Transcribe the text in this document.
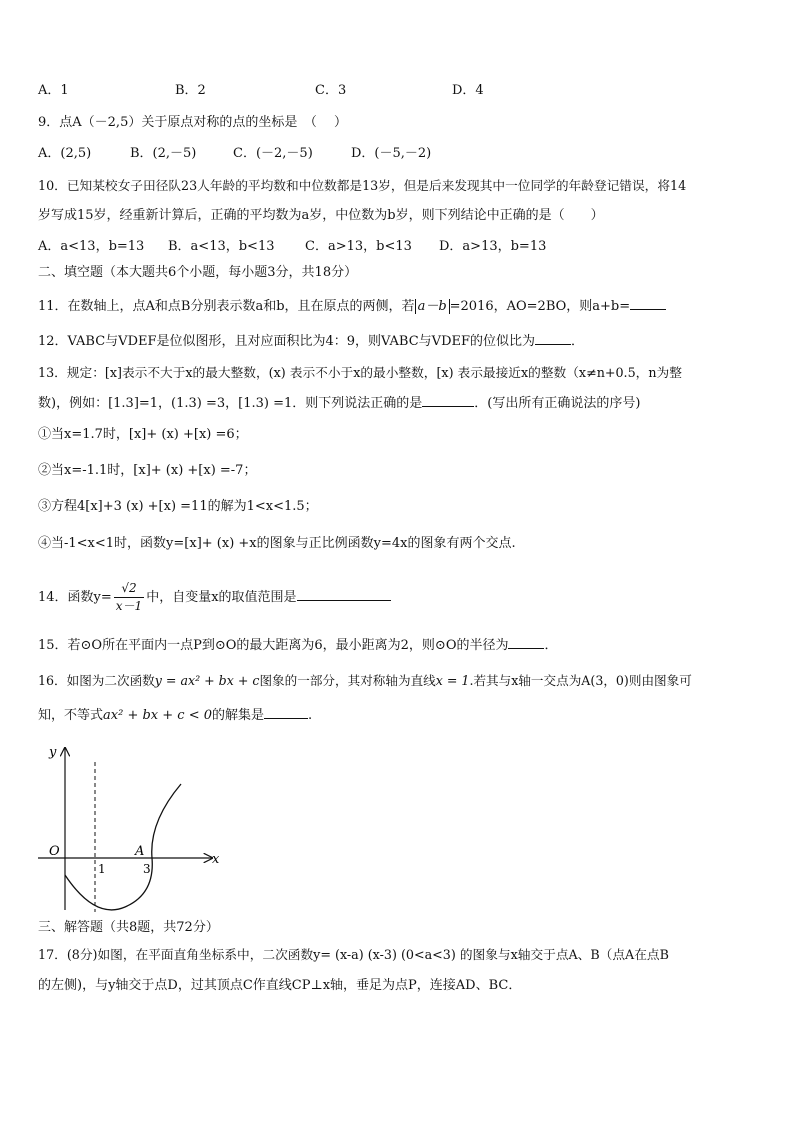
A．1	B．2	C．3	D．4
9．点A（－2,5）关于原点对称的点的坐标是　（　 ）
A．(2,5)	B．(2,－5)	C．(－2,－5)	D．(－5,－2)
10．已知某校女子田径队23人年龄的平均数和中位数都是13岁，但是后来发现其中一位同学的年龄登记错误，将14
岁写成15岁，经重新计算后，正确的平均数为a岁，中位数为b岁，则下列结论中正确的是（　　）
A．a<13，b=13 B．a<13，b<13 C．a>13，b<13 D．a>13，b=13
二、填空题（本大题共6个小题，每小题3分，共18分）
11．在数轴上，点A和点B分别表示数a和b，且在原点的两侧，若 a－b =2016，AO=2BO，则a+b=
12．VABC与VDEF是位似图形，且对应面积比为4：9，则VABC与VDEF的位似比为	．
13．规定：[x]表示不大于x的最大整数，(x) 表示不小于x的最小整数，[x) 表示最接近x的整数（x≠n+0.5，n为整
数)，例如：[1.3]=1，(1.3) =3，[1.3) =1．则下列说法正确的是	．(写出所有正确说法的序号)
①当x=1.7时，[x]+ (x) +[x) =6；
②当x=-1.1时，[x]+ (x) +[x) =-7；
③方程4[x]+3 (x) +[x) =11的解为1<x<1.5；
④当-1<x<1时，函数y=[x]+ (x) +x的图象与正比例函数y=4x的图象有两个交点.
14．函数$y= \frac{√2}{x-1}$ 中，自变量x的取值范围是
15．若⊙O所在平面内一点P到⊙O的最大距离为6，最小距离为2，则⊙O的半径为	．
16．如图为二次函数y = ax² + bx + c图象的一部分，其对称轴为直线x = 1.若其与x轴一交点为A(3，0)则由图象可
知，不等式ax² + bx + c < 0的解集是	.
y
x
O	A
1	3
三、解答题（共8题，共72分）
17．(8分)如图，在平面直角坐标系中，二次函数y= (x-a) (x-3) (0<a<3) 的图象与x轴交于点A、B（点A在点B
的左侧)，与y轴交于点D，过其顶点C作直线CP⊥x轴，垂足为点P，连接AD、BC．
